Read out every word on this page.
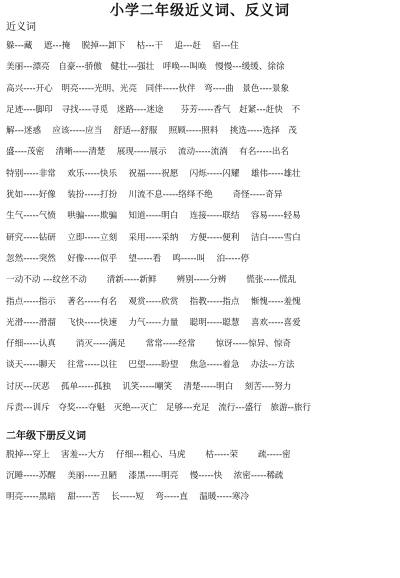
小学二年级近义词、反义词
近义词
躲---藏　 遮---掩　 脱掉---卸下　 枯---干　 追---赶　 宿---住
美丽---漂亮　自豪---骄傲　健壮---强壮　呼唤---叫唤　慢慢---缓缓、徐徐
高兴----开心　明亮-----光明、光亮　同伴-----伙伴　弯----曲　景色----景象
足迹----脚印　寻找----寻觅　迷路----迷途　　芬芳-----香气　赶紧---赶快　不
解---迷惑　 应该-----应当　 舒适---舒服　 照顾-----照料　 挑选-----选择　茂
盛----茂密　 清晰-----清楚　 展现-----展示　 流动-----流淌　 有名-----出名
特别-----非常　 欢乐-----快乐　 祝福-----祝愿　 闪烁-----闪耀　 雄伟-----雄壮
犹如-----好像　 装扮-----打扮　 川流不息-----络绎不绝　　 奇怪-----奇异
生气-----气愤　 哄骗-----欺骗　 知道-----明白　 连接-----联结　 容易-----轻易
研究-----钻研　 立即-----立刻　 采用-----采纳　 方便-----便利　 洁白-----雪白
忽然-----突然　 好像-----似乎　 望-----看　 鸣-----叫　 泊-----停
一动不动 ---纹丝不动　　 清新-----新鲜　　 辨别-----分辨　　 慌张-----慌乱
指点-----指示　 著名-----有名　 观赏-----欣赏　 指教-----指点　 惭愧-----羞愧
光滑-----滑溜　 飞快-----快速　 力气-----力量　 聪明-----聪慧　 喜欢-----喜爱
仔细-----认真　　 消灭-----满足　　 常常-----经常　　 惊讶-----惊异、惊奇
谈天-----聊天　 往常-----以往　 巴望-----盼望　 焦急-----着急　 办法---方法
讨厌---厌恶　 孤单-----孤独　 讥笑-----嘲笑　 清楚-----明白　 刻苦----努力
斥责---训斥　夺奖----夺魁　灭绝---灭亡　足够---充足　流行---盛行　旅游--旅行
二年级下册反义词
脱掉---穿上　 害羞---大方　 仔细---粗心、马虎　　 枯-----荣　　 疏-----密
沉睡-----苏醒　 美丽-----丑陋　 漆黑-----明亮　 慢-----快　 浓密-----稀疏
明亮-----黑暗　 甜-----苦　 长-----短　 弯-----直　 温暖-----寒冷
